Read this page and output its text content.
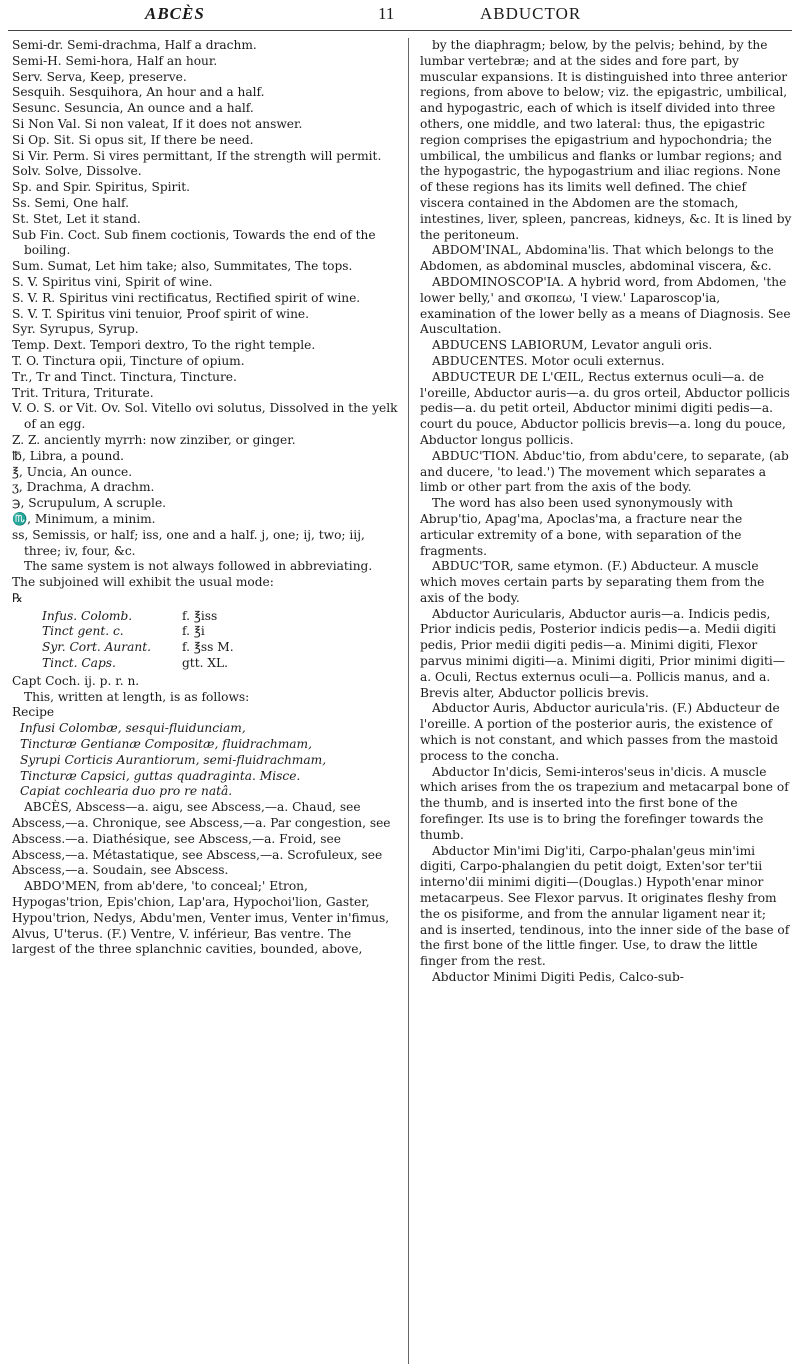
ABCÈS	11	ABDUCTOR

Semi-dr. Semi-drachma, Half a drachm.

Semi-H. Semi-hora, Half an hour.

Serv. Serva, Keep, preserve.

Sesquih. Sesquihora, An hour and a half.

Sesunc. Sesuncia, An ounce and a half.

Si Non Val. Si non valeat, If it does not answer.

Si Op. Sit. Si opus sit, If there be need.

Si Vir. Perm. Si vires permittant, If the strength will permit.

Solv. Solve, Dissolve.

Sp. and Spir. Spiritus, Spirit.

Ss. Semi, One half.

St. Stet, Let it stand.

Sub Fin. Coct. Sub finem coctionis, Towards the end of the boiling.

Sum. Sumat, Let him take; also, Summitates, The tops.

S. V. Spiritus vini, Spirit of wine.

S. V. R. Spiritus vini rectificatus, Rectified spirit of wine.

S. V. T. Spiritus vini tenuior, Proof spirit of wine.

Syr. Syrupus, Syrup.

Temp. Dext. Tempori dextro, To the right temple.

T. O. Tinctura opii, Tincture of opium.

Tr., Tr and Tinct. Tinctura, Tincture.

Trit. Tritura, Triturate.

V. O. S. or Vit. Ov. Sol. Vitello ovi solutus, Dissolved in the yelk of an egg.

Z. Z. anciently myrrh: now zinziber, or ginger.

℔, Libra, a pound.

℥, Uncia, An ounce.

ʒ, Drachma, A drachm.

℈, Scrupulum, A scruple.

♏, Minimum, a minim.

ss, Semissis, or half; iss, one and a half. j, one; ij, two; iij, three; iv, four, &c.

The same system is not always followed in abbreviating. The subjoined will exhibit the usual mode:

℞

Infus. Colomb.	f. ℥iss
Tinct gent. c.	f. ℥i
Syr. Cort. Aurant.	f. ℥ss M.
Tinct. Caps.	gtt. XL.

Capt Coch. ij. p. r. n.

This, written at length, is as follows:

Recipe

Infusi Colombæ, sesqui-fluidunciam,

Tincturæ Gentianæ Compositæ, fluidrachmam,

Syrupi Corticis Aurantiorum, semi-fluidrachmam,

Tincturæ Capsici, guttas quadraginta. Misce.

Capiat cochlearia duo pro re natâ.

ABCÈS, Abscess—a. aigu, see Abscess,—a. Chaud, see Abscess,—a. Chronique, see Abscess,—a. Par congestion, see Abscess.—a. Diathésique, see Abscess,—a. Froid, see Abscess,—a. Métastatique, see Abscess,—a. Scrofuleux, see Abscess,—a. Soudain, see Abscess.

ABDO'MEN, from ab'dere, 'to conceal;' Etron, Hypogas'trion, Epis'chion, Lap'ara, Hypochoi'lion, Gaster, Hypou'trion, Nedys, Abdu'men, Venter imus, Venter in'fimus, Alvus, U'terus. (F.) Ventre, V. inférieur, Bas ventre. The largest of the three splanchnic cavities, bounded, above,

by the diaphragm; below, by the pelvis; behind, by the lumbar vertebræ; and at the sides and fore part, by muscular expansions. It is distinguished into three anterior regions, from above to below; viz. the epigastric, umbilical, and hypogastric, each of which is itself divided into three others, one middle, and two lateral: thus, the epigastric region comprises the epigastrium and hypochondria; the umbilical, the umbilicus and flanks or lumbar regions; and the hypogastric, the hypogastrium and iliac regions. None of these regions has its limits well defined. The chief viscera contained in the Abdomen are the stomach, intestines, liver, spleen, pancreas, kidneys, &c. It is lined by the peritoneum.

ABDOM'INAL, Abdomina'lis. That which belongs to the Abdomen, as abdominal muscles, abdominal viscera, &c.

ABDOMINOSCOP'IA. A hybrid word, from Abdomen, 'the lower belly,' and σκοπεω, 'I view.' Laparoscop'ia, examination of the lower belly as a means of Diagnosis. See Auscultation.

ABDUCENS LABIORUM, Levator anguli oris.

ABDUCENTES. Motor oculi externus.

ABDUCTEUR DE L'ŒIL, Rectus externus oculi—a. de l'oreille, Abductor auris—a. du gros orteil, Abductor pollicis pedis—a. du petit orteil, Abductor minimi digiti pedis—a. court du pouce, Abductor pollicis brevis—a. long du pouce, Abductor longus pollicis.

ABDUC'TION. Abduc'tio, from abdu'cere, to separate, (ab and ducere, 'to lead.') The movement which separates a limb or other part from the axis of the body.

The word has also been used synonymously with Abrup'tio, Apag'ma, Apoclas'ma, a fracture near the articular extremity of a bone, with separation of the fragments.

ABDUC'TOR, same etymon. (F.) Abducteur. A muscle which moves certain parts by separating them from the axis of the body.

Abductor Auricularis, Abductor auris—a. Indicis pedis, Prior indicis pedis, Posterior indicis pedis—a. Medii digiti pedis, Prior medii digiti pedis—a. Minimi digiti, Flexor parvus minimi digiti—a. Minimi digiti, Prior minimi digiti—a. Oculi, Rectus externus oculi—a. Pollicis manus, and a. Brevis alter, Abductor pollicis brevis.

Abductor Auris, Abductor auricula'ris. (F.) Abducteur de l'oreille. A portion of the posterior auris, the existence of which is not constant, and which passes from the mastoid process to the concha.

Abductor In'dicis, Semi-interos'seus in'dicis. A muscle which arises from the os trapezium and metacarpal bone of the thumb, and is inserted into the first bone of the forefinger. Its use is to bring the forefinger towards the thumb.

Abductor Min'imi Dig'iti, Carpo-phalan'geus min'imi digiti, Carpo-phalangien du petit doigt, Exten'sor ter'tii interno'dii minimi digiti—(Douglas.) Hypoth'enar minor metacarpeus. See Flexor parvus. It originates fleshy from the os pisiforme, and from the annular ligament near it; and is inserted, tendinous, into the inner side of the base of the first bone of the little finger. Use, to draw the little finger from the rest.

Abductor Minimi Digiti Pedis, Calco-sub-
